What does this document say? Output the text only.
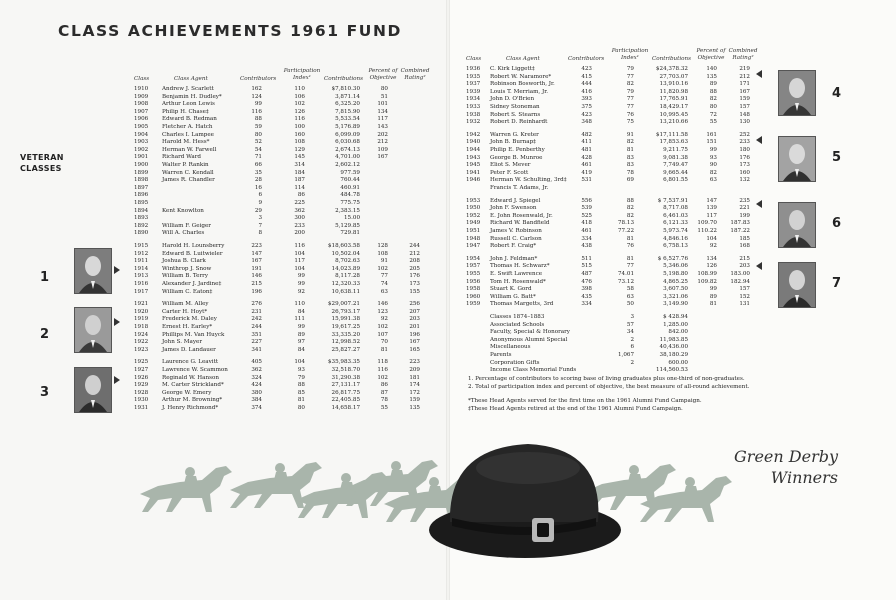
CLASS ACHIEVEMENTS 1961 FUND
VETERAN
CLASSES
Class	Class Agent	Contributors
Participation
Index¹	Contributions
Percent of
Objective
Combined
Rating²
Class	Class Agent	Contributors
Participation
Index¹	Contributions
Percent of
Objective
Combined
Rating²
1910 Andrew J. Scarlett	162	110	$7,810.30	80
1909 Benjamin H. Dudley*	124	106	3,871.14	51
1908 Arthur Leon Lewis	99	102	6,325.20	101
1907 Philip H. Chase‡	116	126	7,815.90	134
1906 Edward B. Redman	88	116	5,533.54	117
1905 Fletcher A. Hatch	59	100	5,176.89	143
1904 Charles I. Lampee	80	160	6,099.09	202
1903 Harold M. Hess*	52	108	6,030.68	212
1902 Herman W. Farwell	54	129	2,674.13	109
1901 Richard Ward	71	145	4,701.00	167
1900 Walter P. Rankin	66	314	2,602.12
1899 Warren C. Kendall	35	184	977.59
1898 James R. Chandler	28	187	760.44
1897	16	114	460.91
1896	6	86	484.78
1895	9	225	775.75
1894 Kent Knowlton	29	362	2,383.15
1893	3	300	15.00
1892 William F. Geiger	7	233	5,129.85
1890 Will A. Charles	8	200	729.81
1915 Harold H. Lounsberry	223	116	$18,603.58	128	244
1912 Edward B. Luitwieler	147	104	10,502.04	108	212
1911 Joshua B. Clark	167	117	8,702.63	91	208
1914 Winthrop J. Snow	191	104	14,023.89	102	205
1913 William B. Terry	146	99	8,117.28	77	176
1916 Alexander J. Jardine‡	215	99	12,320.33	74	173
1917 William C. Eaton‡	196	92	10,638.11	63	155
1921 William M. Alley	276	110	$29,007.21	146	256
1920 Carter H. Hoyt*	231	84	26,793.17	123	207
1919 Frederick M. Daley	242	111	15,991.38	92	203
1918 Ernest H. Earley*	244	99	19,617.25	102	201
1924 Phillips M. Van Huyck	351	89	33,335.20	107	196
1922 John S. Mayer	227	97	12,998.52	70	167
1923 James D. Landauer	341	84	25,827.27	81	165
1925 Laurence G. Leavitt	405	104	$35,983.35	118	223
1927 Lawrence W. Scammon	362	93	32,518.70	116	209
1926 Reginald W. Hanson	324	79	31,290.38	102	181
1929 M. Carter Strickland*	424	88	27,131.17	86	174
1928 George W. Emery	380	85	26,817.75	87	172
1930 Arthur M. Browning*	384	81	22,405.85	78	159
1931 J. Henry Richmond*	374	80	14,658.17	55	135
1936 C. Kirk Liggett‡	423	79	$24,378.32	140	219
1935 Robert W. Naramore*	415	77	27,703.07	135	212
1937 Robinson Bosworth, Jr.	444	82	13,910.16	89	171
1939 Louis T. Merriam, Jr.	416	79	11,820.98	88	167
1934 John D. O'Brien	393	77	17,765.91	82	159
1933 Sidney Stoneman	375	77	18,429.17	80	157
1938 Robert S. Stearns	423	76	10,995.45	72	148
1932 Robert D. Reinhardt	348	75	13,210.66	55	130
1942 Warren G. Kreter	482	91	$17,111.58	161	252
1940 John B. Burnap‡	411	82	17,853.63	151	233
1944 Philip E. Penberthy	481	81	9,211.75	99	180
1943 George B. Munroe	428	83	9,081.38	93	176
1945 Eliot S. Mever	461	83	7,749.47	90	173
1941 Peter F. Scott	419	78	9,665.44	82	160
1946 Herman W. Schulting, 3rd‡	531	69	6,801.55	63	132
Francis T. Adams, Jr.
1953 Edward J. Spiegel	556	88	$ 7,537.91	147	235
1950 John F. Swenson	539	82	8,717.08	139	221
1952 E. John Rosenwald, Jr.	525	82	6,461.03	117	199
1949 Richard W. Bandfield	418	78.13	6,121.33	109.70	187.83
1951 James V. Robinson	461	77.22	5,973.74	110.22	187.22
1948 Russell C. Carlson	334	81	4,846.16	104	185
1947 Robert F. Craig*	438	76	6,758.13	92	168
1954 John J. Feldman*	511	81	$ 6,527.76	134	215
1957 Thomas H. Schwarz*	515	77	5,346.06	126	203
1955 E. Swift Lawrence	487	74.01	5,198.80	108.99	183.00
1956 Tom H. Rosenwald*	476	73.12	4,865.25	109.82	182.94
1958 Stuart K. Gord	398	58	3,607.50	99	157
1960 William G. Batt*	435	63	3,321.06	89	152
1959 Thomas Margetts, 3rd	334	50	3,149.90	81	131
Classes 1874–1883	3	$ 428.94
Associated Schools	57	1,285.00
Faculty, Special & Honorary	34	842.00
Anonymous Alumni Special	2	11,983.85
Miscellaneous	6	40,436.00
Parents	1,067	38,180.29
Corporation Gifts	2	600.00
Income Class Memorial Funds	114,560.53
1
2
3
4
5
6
7
1. Percentage of contributors to scoring base of living graduates plus one-third of non-graduates.
2. Total of participation index and percent of objective, the best measure of all-round achievement.
*These Head Agents served for the first time on the 1961 Alumni Fund Campaign.
‡These Head Agents retired at the end of the 1961 Alumni Fund Campaign.
Green Derby
Winners
